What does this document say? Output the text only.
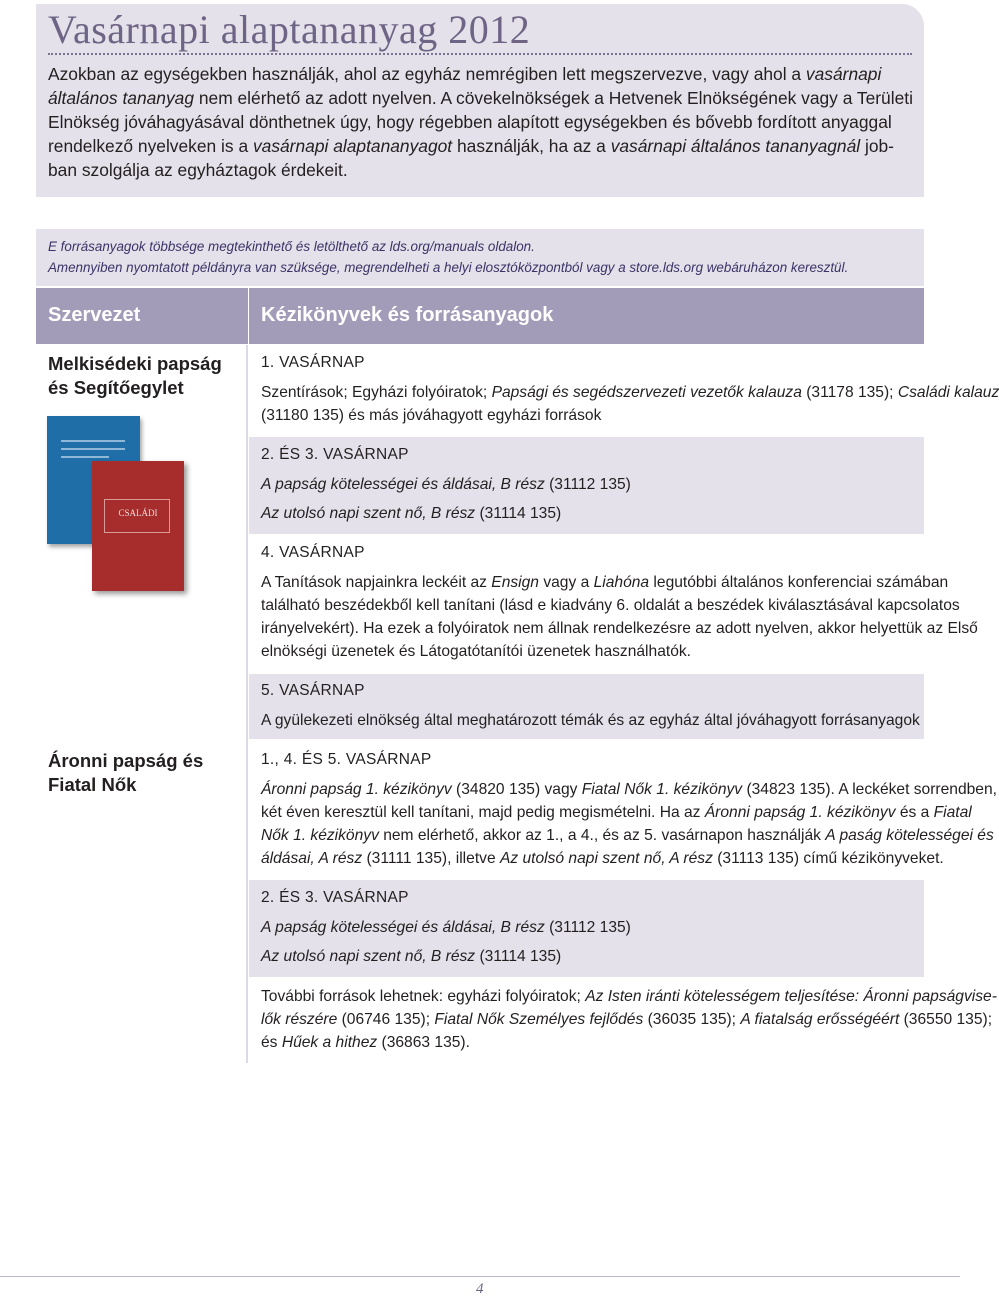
Vasárnapi alaptananyag 2012
Azokban az egységekben használják, ahol az egyház nemrégiben lett megszervezve, vagy ahol a vasárnapi
általános tananyag nem elérhető az adott nyelven. A cövekelnökségek a Hetvenek Elnökségének vagy a Területi
Elnökség jóváhagyásával dönthetnek úgy, hogy régebben alapított egységekben és bővebb fordított anyaggal
rendelkező nyelveken is a vasárnapi alaptananyagot használják, ha az a vasárnapi általános tananyagnál job-
ban szolgálja az egyháztagok érdekeit.
E forrásanyagok többsége megtekinthető és letölthető az lds.org/manuals oldalon.
Amennyiben nyomtatott példányra van szüksége, megrendelheti a helyi elosztóközpontból vagy a store.lds.org webáruházon keresztül.
Szervezet	Kézikönyvek és forrásanyagok
Melkisédeki papság
és Segítőegylet
Áronni papság és
Fiatal Nők
CSALÁDI
1. VASÁRNAP
Szentírások; Egyházi folyóiratok; Papsági és segédszervezeti vezetők kalauza (31178 135); Családi kalauz
(31180 135) és más jóváhagyott egyházi források
2. ÉS 3. VASÁRNAP
A papság kötelességei és áldásai, B rész (31112 135)
Az utolsó napi szent nő, B rész (31114 135)
4. VASÁRNAP
A Tanítások napjainkra leckéit az Ensign vagy a Liahóna legutóbbi általános konferenciai számában
található beszédekből kell tanítani (lásd e kiadvány 6. oldalát a beszédek kiválasztásával kapcsolatos
irányelvekért). Ha ezek a folyóiratok nem állnak rendelkezésre az adott nyelven, akkor helyettük az Első
elnökségi üzenetek és Látogatótanítói üzenetek használhatók.
5. VASÁRNAP
A gyülekezeti elnökség által meghatározott témák és az egyház által jóváhagyott forrásanyagok
1., 4. ÉS 5. VASÁRNAP
Áronni papság 1. kézikönyv (34820 135) vagy Fiatal Nők 1. kézikönyv (34823 135). A leckéket sorrendben,
két éven keresztül kell tanítani, majd pedig megismételni. Ha az Áronni papság 1. kézikönyv és a Fiatal
Nők 1. kézikönyv nem elérhető, akkor az 1., a 4., és az 5. vasárnapon használják A paság kötelességei és
áldásai, A rész (31111 135), illetve Az utolsó napi szent nő, A rész (31113 135) című kézikönyveket.
2. ÉS 3. VASÁRNAP
A papság kötelességei és áldásai, B rész (31112 135)
Az utolsó napi szent nő, B rész (31114 135)
További források lehetnek: egyházi folyóiratok; Az Isten iránti kötelességem teljesítése: Áronni papságvise-
lők részére (06746 135); Fiatal Nők Személyes fejlődés (36035 135); A fiatalság erősségéért (36550 135);
és Hűek a hithez (36863 135).
4
